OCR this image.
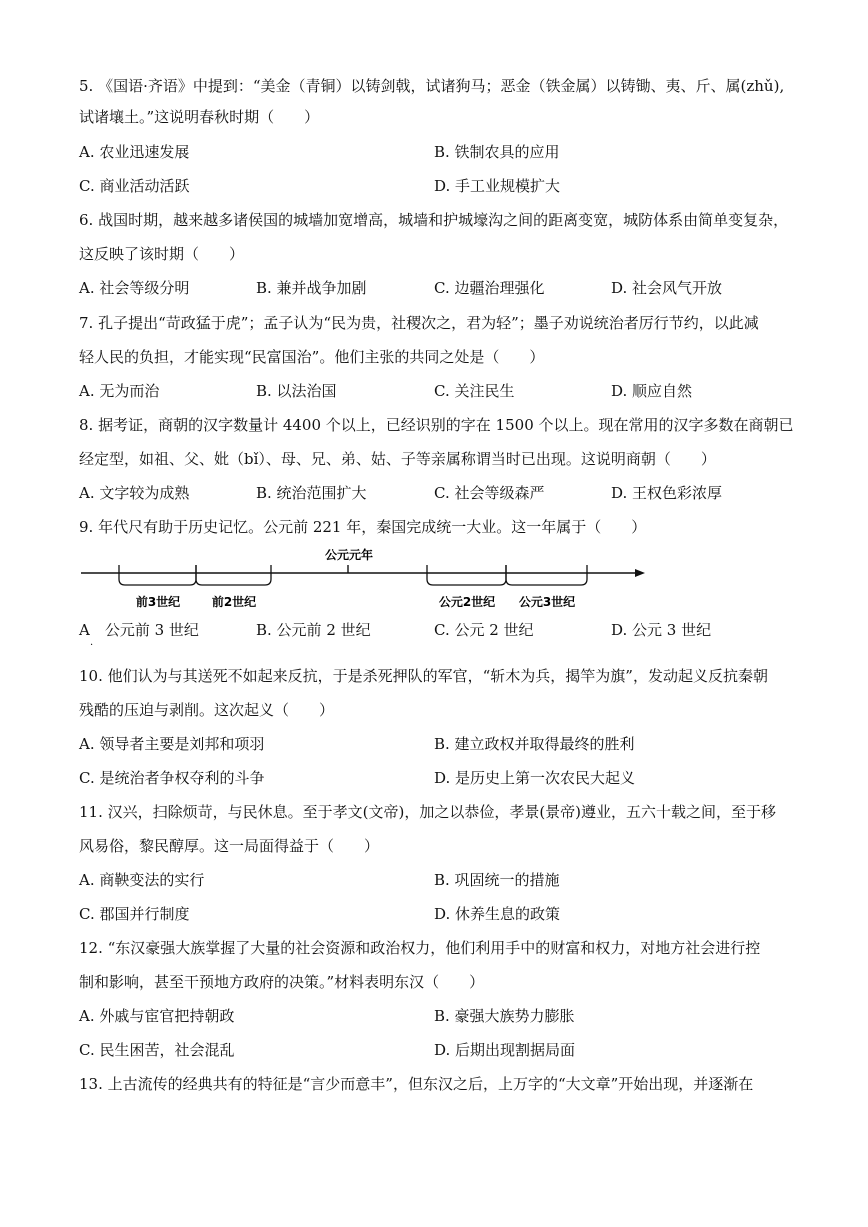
5. 《国语·齐语》中提到：“美金（青铜）以铸剑戟，试诸狗马；恶金（铁金属）以铸锄、夷、斤、属(zhǔ),
试诸壤土。”这说明春秋时期（　　）
A. 农业迅速发展	B. 铁制农具的应用
C. 商业活动活跃	D. 手工业规模扩大
6. 战国时期，越来越多诸侯国的城墙加宽增高，城墙和护城壕沟之间的距离变宽，城防体系由简单变复杂，
这反映了该时期（　　）
A. 社会等级分明	B. 兼并战争加剧	C. 边疆治理强化	D. 社会风气开放
7. 孔子提出“苛政猛于虎”；孟子认为“民为贵，社稷次之，君为轻”；墨子劝说统治者厉行节约，以此减
轻人民的负担，才能实现“民富国治”。他们主张的共同之处是（　　）
A. 无为而治	B. 以法治国	C. 关注民生	D. 顺应自然
8. 据考证，商朝的汉字数量计 4400 个以上，已经识别的字在 1500 个以上。现在常用的汉字多数在商朝已
经定型，如祖、父、妣（bǐ）、母、兄、弟、姑、子等亲属称谓当时已出现。这说明商朝（　　）
A. 文字较为成熟	B. 统治范围扩大	C. 社会等级森严	D. 王权色彩浓厚
9. 年代尺有助于历史记忆。公元前 221 年，秦国完成统一大业。这一年属于（　　）
公元元年
前3世纪	前2世纪	公元2世纪 公元3世纪
A　公元前 3 世纪	B. 公元前 2 世纪	C. 公元 2 世纪	D. 公元 3 世纪
·
10. 他们认为与其送死不如起来反抗，于是杀死押队的军官，“斩木为兵，揭竿为旗”，发动起义反抗秦朝
残酷的压迫与剥削。这次起义（　　）
A. 领导者主要是刘邦和项羽	B. 建立政权并取得最终的胜利
C. 是统治者争权夺利的斗争	D. 是历史上第一次农民大起义
11. 汉兴，扫除烦苛，与民休息。至于孝文(文帝)，加之以恭俭，孝景(景帝)遵业，五六十载之间，至于移
风易俗，黎民醇厚。这一局面得益于（　　）
A. 商鞅变法的实行	B. 巩固统一的措施
C. 郡国并行制度	D. 休养生息的政策
12. “东汉豪强大族掌握了大量的社会资源和政治权力，他们利用手中的财富和权力，对地方社会进行控
制和影响，甚至干预地方政府的决策。”材料表明东汉（　　）
A. 外戚与宦官把持朝政	B. 豪强大族势力膨胀
C. 民生困苦，社会混乱	D. 后期出现割据局面
13. 上古流传的经典共有的特征是“言少而意丰”，但东汉之后，上万字的“大文章”开始出现，并逐渐在
